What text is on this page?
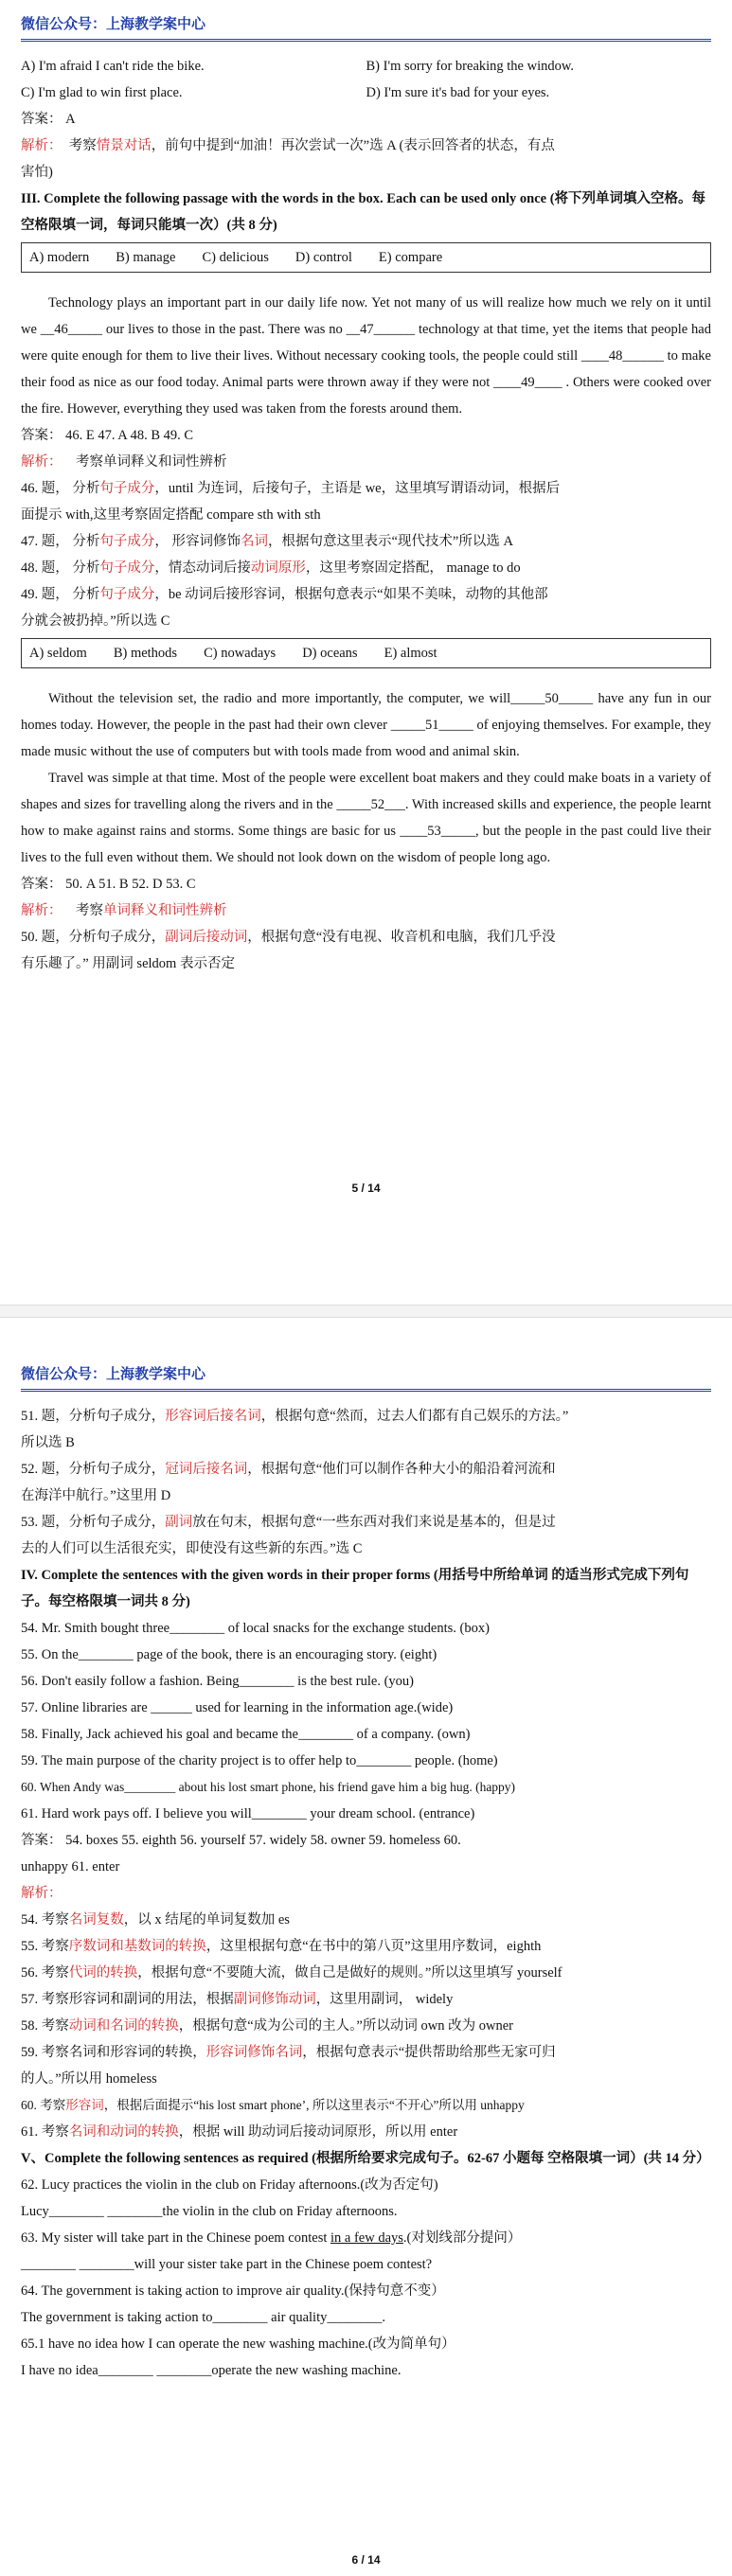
微信公众号：上海教学案中心
A) I'm afraid I can't ride the bike.	B) I'm sorry for breaking the window.
C) I'm glad to win first place.	D) I'm sure it's bad for your eyes.
答案： A
解析： 考察情景对话，前句中提到“加油！再次尝试一次”选 A (表示回答者的状态，有点
害怕)
III. Complete the following passage with the words in the box. Each can be used only once (将下列单词填入空格。每空格限填一词，每词只能填一次）(共 8 分)
A) modern B) manage C) delicious D) control E) compare
Technology plays an important part in our daily life now. Yet not many of us will realize how much we rely on it until we __46_____ our lives to those in the past. There was no __47______ technology at that time, yet the items that people had were quite enough for them to live their lives. Without necessary cooking tools, the people could still ____48______ to make their food as nice as our food today. Animal parts were thrown away if they were not ____49____ . Others were cooked over the fire. However, everything they used was taken from the forests around them.
答案： 46. E 47. A 48. B 49. C
解析： 考察单词释义和词性辨析
46. 题， 分析句子成分，until 为连词，后接句子，主语是 we，这里填写谓语动词，根据后
面提示 with,这里考察固定搭配 compare sth with sth
47. 题， 分析句子成分， 形容词修饰名词，根据句意这里表示“现代技术”所以选 A
48. 题， 分析句子成分，情态动词后接动词原形，这里考察固定搭配， manage to do
49. 题， 分析句子成分，be 动词后接形容词，根据句意表示“如果不美味，动物的其他部
分就会被扔掉。”所以选 C
A) seldom B) methods C) nowadays D) oceans E) almost
Without the television set, the radio and more importantly, the computer, we will_____50_____ have any fun in our homes today. However, the people in the past had their own clever _____51_____ of enjoying themselves. For example, they made music without the use of computers but with tools made from wood and animal skin.
Travel was simple at that time. Most of the people were excellent boat makers and they could make boats in a variety of shapes and sizes for travelling along the rivers and in the _____52___. With increased skills and experience, the people learnt how to make against rains and storms. Some things are basic for us ____53_____, but the people in the past could live their lives to the full even without them. We should not look down on the wisdom of people long ago.
答案： 50. A 51. B 52. D 53. C
解析： 考察单词释义和词性辨析
50. 题，分析句子成分，副词后接动词，根据句意“没有电视、收音机和电脑，我们几乎没
有乐趣了。” 用副词 seldom 表示否定
5 / 14
微信公众号：上海教学案中心
51. 题，分析句子成分，形容词后接名词，根据句意“然而，过去人们都有自己娱乐的方法。”
所以选 B
52. 题，分析句子成分，冠词后接名词，根据句意“他们可以制作各种大小的船沿着河流和
在海洋中航行。”这里用 D
53. 题，分析句子成分，副词放在句末，根据句意“一些东西对我们来说是基本的，但是过
去的人们可以生活很充实，即使没有这些新的东西。”选 C
IV. Complete the sentences with the given words in their proper forms (用括号中所给单词 的适当形式完成下列句子。每空格限填一词共 8 分)
54. Mr. Smith bought three________ of local snacks for the exchange students. (box)
55. On the________ page of the book, there is an encouraging story. (eight)
56. Don't easily follow a fashion. Being________ is the best rule. (you)
57. Online libraries are ______ used for learning in the information age.(wide)
58. Finally, Jack achieved his goal and became the________ of a company. (own)
59. The main purpose of the charity project is to offer help to________ people. (home)
60. When Andy was________ about his lost smart phone, his friend gave him a big hug. (happy)
61. Hard work pays off. I believe you will________ your dream school. (entrance)
答案： 54. boxes 55. eighth 56. yourself 57. widely 58. owner 59. homeless 60.
unhappy 61. enter
解析：
54. 考察名词复数，以 x 结尾的单词复数加 es
55. 考察序数词和基数词的转换，这里根据句意“在书中的第八页”这里用序数词，eighth
56. 考察代词的转换，根据句意“不要随大流，做自己是做好的规则。”所以这里填写 yourself
57. 考察形容词和副词的用法，根据副词修饰动词，这里用副词， widely
58. 考察动词和名词的转换，根据句意“成为公司的主人。”所以动词 own 改为 owner
59. 考察名词和形容词的转换，形容词修饰名词，根据句意表示“提供帮助给那些无家可归
的人。”所以用 homeless
60. 考察形容词，根据后面提示“his lost smart phone’, 所以这里表示“不开心”所以用 unhappy
61. 考察名词和动词的转换，根据 will 助动词后接动词原形，所以用 enter
V、Complete the following sentences as required (根据所给要求完成句子。62-67 小题每 空格限填一词）(共 14 分）
62. Lucy practices the violin in the club on Friday afternoons.(改为否定句)
Lucy________ ________the violin in the club on Friday afternoons.
63. My sister will take part in the Chinese poem contest in a few days.(对划线部分提问）
________ ________will your sister take part in the Chinese poem contest?
64. The government is taking action to improve air quality.(保持句意不变）
The government is taking action to________ air quality________.
65.1 have no idea how I can operate the new washing machine.(改为简单句）
I have no idea________ ________operate the new washing machine.
6 / 14
